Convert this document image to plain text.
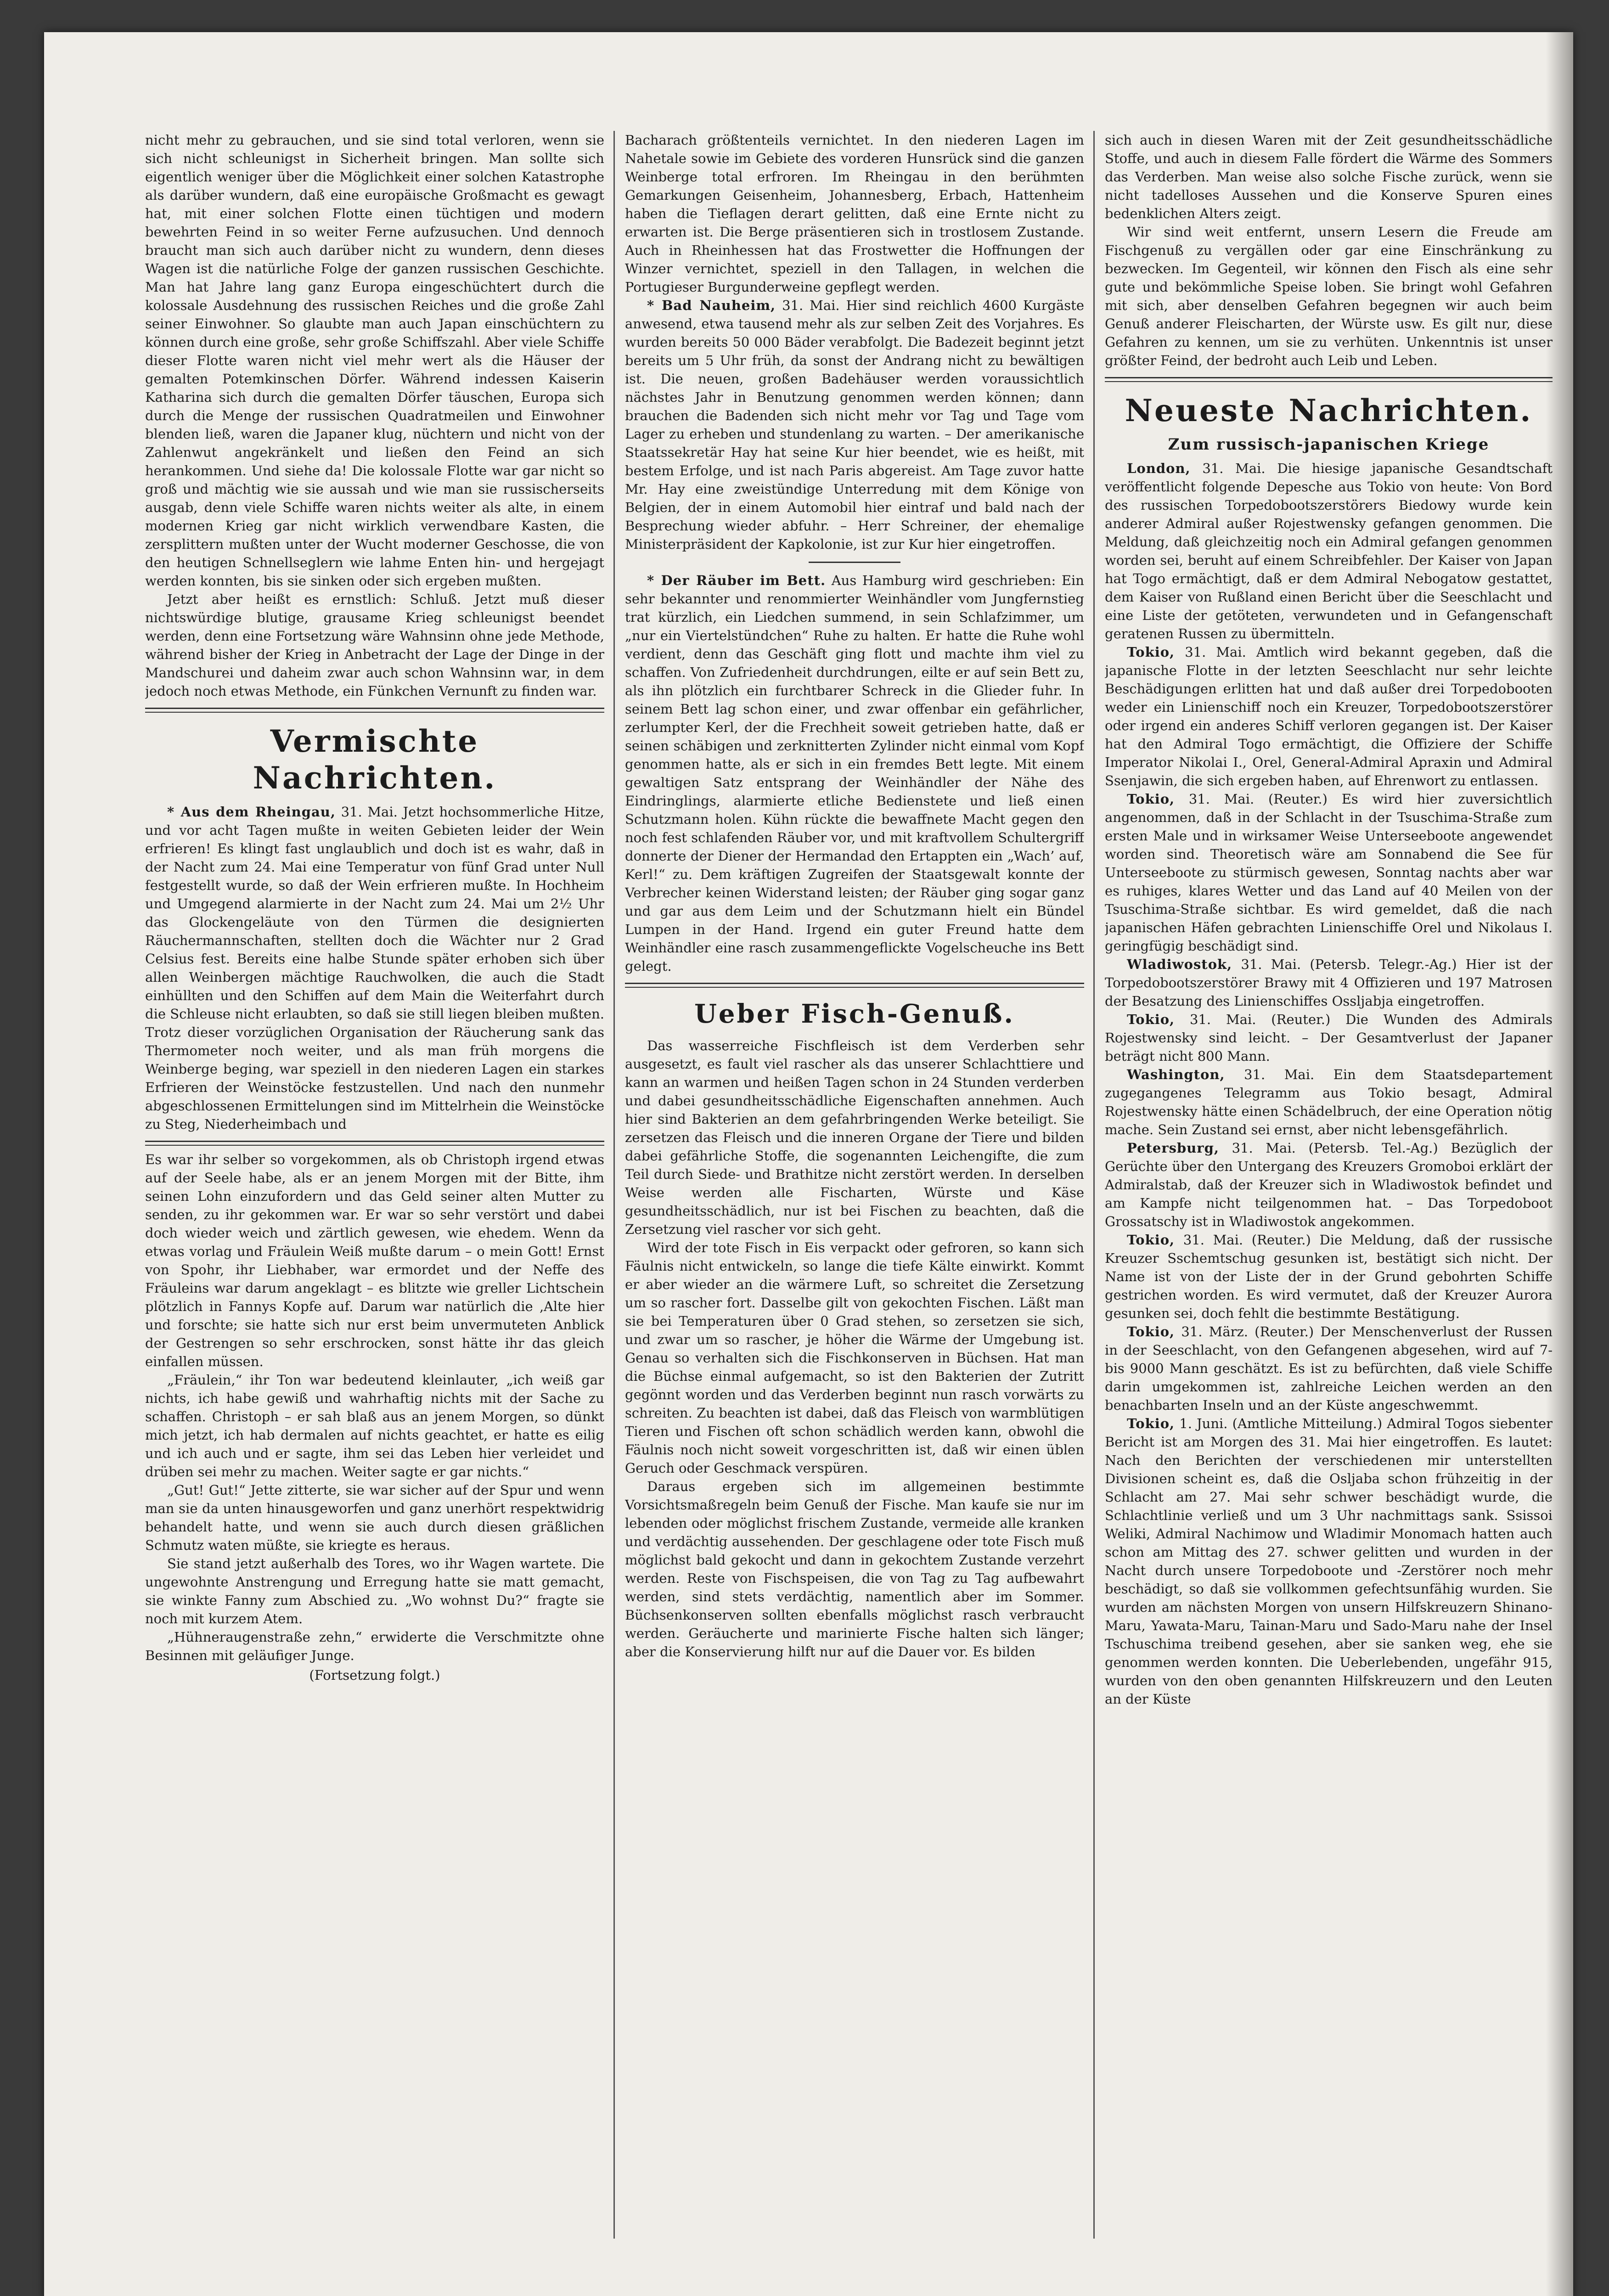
nicht mehr zu gebrauchen, und sie sind total verloren, wenn sie sich nicht schleunigst in Sicherheit bringen. Man sollte sich eigentlich weniger über die Möglichkeit einer solchen Katastrophe als darüber wundern, daß eine europäische Großmacht es gewagt hat, mit einer solchen Flotte einen tüchtigen und modern bewehrten Feind in so weiter Ferne aufzusuchen. Und dennoch braucht man sich auch darüber nicht zu wundern, denn dieses Wagen ist die natürliche Folge der ganzen russischen Geschichte. Man hat Jahre lang ganz Europa eingeschüchtert durch die kolossale Ausdehnung des russischen Reiches und die große Zahl seiner Einwohner. So glaubte man auch Japan einschüchtern zu können durch eine große, sehr große Schiffszahl. Aber viele Schiffe dieser Flotte waren nicht viel mehr wert als die Häuser der gemalten Potemkinschen Dörfer. Während indessen Kaiserin Katharina sich durch die gemalten Dörfer täuschen, Europa sich durch die Menge der russischen Quadratmeilen und Einwohner blenden ließ, waren die Japaner klug, nüchtern und nicht von der Zahlenwut angekränkelt und ließen den Feind an sich herankommen. Und siehe da! Die kolossale Flotte war gar nicht so groß und mächtig wie sie aussah und wie man sie russischerseits ausgab, denn viele Schiffe waren nichts weiter als alte, in einem modernen Krieg gar nicht wirklich verwendbare Kasten, die zersplittern mußten unter der Wucht moderner Geschosse, die von den heutigen Schnellseglern wie lahme Enten hin- und hergejagt werden konnten, bis sie sinken oder sich ergeben mußten.

Jetzt aber heißt es ernstlich: Schluß. Jetzt muß dieser nichtswürdige blutige, grausame Krieg schleunigst beendet werden, denn eine Fortsetzung wäre Wahnsinn ohne jede Methode, während bisher der Krieg in Anbetracht der Lage der Dinge in der Mandschurei und daheim zwar auch schon Wahnsinn war, in dem jedoch noch etwas Methode, ein Fünkchen Vernunft zu finden war.

Vermischte Nachrichten.

* Aus dem Rheingau, 31. Mai. Jetzt hochsommerliche Hitze, und vor acht Tagen mußte in weiten Gebieten leider der Wein erfrieren! Es klingt fast unglaublich und doch ist es wahr, daß in der Nacht zum 24. Mai eine Temperatur von fünf Grad unter Null festgestellt wurde, so daß der Wein erfrieren mußte. In Hochheim und Umgegend alarmierte in der Nacht zum 24. Mai um 2½ Uhr das Glockengeläute von den Türmen die designierten Räuchermannschaften, stellten doch die Wächter nur 2 Grad Celsius fest. Bereits eine halbe Stunde später erhoben sich über allen Weinbergen mächtige Rauchwolken, die auch die Stadt einhüllten und den Schiffen auf dem Main die Weiterfahrt durch die Schleuse nicht erlaubten, so daß sie still liegen bleiben mußten. Trotz dieser vorzüglichen Organisation der Räucherung sank das Thermometer noch weiter, und als man früh morgens die Weinberge beging, war speziell in den niederen Lagen ein starkes Erfrieren der Weinstöcke festzustellen. Und nach den nunmehr abgeschlossenen Ermittelungen sind im Mittelrhein die Weinstöcke zu Steg, Niederheimbach und

Es war ihr selber so vorgekommen, als ob Christoph irgend etwas auf der Seele habe, als er an jenem Morgen mit der Bitte, ihm seinen Lohn einzufordern und das Geld seiner alten Mutter zu senden, zu ihr gekommen war. Er war so sehr verstört und dabei doch wieder weich und zärtlich gewesen, wie ehedem. Wenn da etwas vorlag und Fräulein Weiß mußte darum – o mein Gott! Ernst von Spohr, ihr Liebhaber, war ermordet und der Neffe des Fräuleins war darum angeklagt – es blitzte wie greller Lichtschein plötzlich in Fannys Kopfe auf. Darum war natürlich die ‚Alte hier und forschte; sie hatte sich nur erst beim unvermuteten Anblick der Gestrengen so sehr erschrocken, sonst hätte ihr das gleich einfallen müssen.

„Fräulein,“ ihr Ton war bedeutend kleinlauter, „ich weiß gar nichts, ich habe gewiß und wahrhaftig nichts mit der Sache zu schaffen. Christoph – er sah blaß aus an jenem Morgen, so dünkt mich jetzt, ich hab dermalen auf nichts geachtet, er hatte es eilig und ich auch und er sagte, ihm sei das Leben hier verleidet und drüben sei mehr zu machen. Weiter sagte er gar nichts.“

„Gut! Gut!“ Jette zitterte, sie war sicher auf der Spur und wenn man sie da unten hinausgeworfen und ganz unerhört respektwidrig behandelt hatte, und wenn sie auch durch diesen gräßlichen Schmutz waten müßte, sie kriegte es heraus.

Sie stand jetzt außerhalb des Tores, wo ihr Wagen wartete. Die ungewohnte Anstrengung und Erregung hatte sie matt gemacht, sie winkte Fanny zum Abschied zu. „Wo wohnst Du?“ fragte sie noch mit kurzem Atem.

„Hühneraugenstraße zehn,“ erwiderte die Verschmitzte ohne Besinnen mit geläufiger Junge.

(Fortsetzung folgt.)

Bacharach größtenteils vernichtet. In den niederen Lagen im Nahetale sowie im Gebiete des vorderen Hunsrück sind die ganzen Weinberge total erfroren. Im Rheingau in den berühmten Gemarkungen Geisenheim, Johannesberg, Erbach, Hattenheim haben die Tieflagen derart gelitten, daß eine Ernte nicht zu erwarten ist. Die Berge präsentieren sich in trostlosem Zustande. Auch in Rheinhessen hat das Frostwetter die Hoffnungen der Winzer vernichtet, speziell in den Tallagen, in welchen die Portugieser Burgunderweine gepflegt werden.

* Bad Nauheim, 31. Mai. Hier sind reichlich 4600 Kurgäste anwesend, etwa tausend mehr als zur selben Zeit des Vorjahres. Es wurden bereits 50 000 Bäder verabfolgt. Die Badezeit beginnt jetzt bereits um 5 Uhr früh, da sonst der Andrang nicht zu bewältigen ist. Die neuen, großen Badehäuser werden voraussichtlich nächstes Jahr in Benutzung genommen werden können; dann brauchen die Badenden sich nicht mehr vor Tag und Tage vom Lager zu erheben und stundenlang zu warten. – Der amerikanische Staatssekretär Hay hat seine Kur hier beendet, wie es heißt, mit bestem Erfolge, und ist nach Paris abgereist. Am Tage zuvor hatte Mr. Hay eine zweistündige Unterredung mit dem Könige von Belgien, der in einem Automobil hier eintraf und bald nach der Besprechung wieder abfuhr. – Herr Schreiner, der ehemalige Ministerpräsident der Kapkolonie, ist zur Kur hier eingetroffen.

* Der Räuber im Bett. Aus Hamburg wird geschrieben: Ein sehr bekannter und renommierter Weinhändler vom Jungfernstieg trat kürzlich, ein Liedchen summend, in sein Schlafzimmer, um „nur ein Viertelstündchen“ Ruhe zu halten. Er hatte die Ruhe wohl verdient, denn das Geschäft ging flott und machte ihm viel zu schaffen. Von Zufriedenheit durchdrungen, eilte er auf sein Bett zu, als ihn plötzlich ein furchtbarer Schreck in die Glieder fuhr. In seinem Bett lag schon einer, und zwar offenbar ein gefährlicher, zerlumpter Kerl, der die Frechheit soweit getrieben hatte, daß er seinen schäbigen und zerknitterten Zylinder nicht einmal vom Kopf genommen hatte, als er sich in ein fremdes Bett legte. Mit einem gewaltigen Satz entsprang der Weinhändler der Nähe des Eindringlings, alarmierte etliche Bedienstete und ließ einen Schutzmann holen. Kühn rückte die bewaffnete Macht gegen den noch fest schlafenden Räuber vor, und mit kraftvollem Schultergriff donnerte der Diener der Hermandad den Ertappten ein „Wach’ auf, Kerl!“ zu. Dem kräftigen Zugreifen der Staatsgewalt konnte der Verbrecher keinen Widerstand leisten; der Räuber ging sogar ganz und gar aus dem Leim und der Schutzmann hielt ein Bündel Lumpen in der Hand. Irgend ein guter Freund hatte dem Weinhändler eine rasch zusammengeflickte Vogelscheuche ins Bett gelegt.

Ueber Fisch-Genuß.

Das wasserreiche Fischfleisch ist dem Verderben sehr ausgesetzt, es fault viel rascher als das unserer Schlachttiere und kann an warmen und heißen Tagen schon in 24 Stunden verderben und dabei gesundheitsschädliche Eigenschaften annehmen. Auch hier sind Bakterien an dem gefahrbringenden Werke beteiligt. Sie zersetzen das Fleisch und die inneren Organe der Tiere und bilden dabei gefährliche Stoffe, die sogenannten Leichengifte, die zum Teil durch Siede- und Brathitze nicht zerstört werden. In derselben Weise werden alle Fischarten, Würste und Käse gesundheitsschädlich, nur ist bei Fischen zu beachten, daß die Zersetzung viel rascher vor sich geht.

Wird der tote Fisch in Eis verpackt oder gefroren, so kann sich Fäulnis nicht entwickeln, so lange die tiefe Kälte einwirkt. Kommt er aber wieder an die wärmere Luft, so schreitet die Zersetzung um so rascher fort. Dasselbe gilt von gekochten Fischen. Läßt man sie bei Temperaturen über 0 Grad stehen, so zersetzen sie sich, und zwar um so rascher, je höher die Wärme der Umgebung ist. Genau so verhalten sich die Fischkonserven in Büchsen. Hat man die Büchse einmal aufgemacht, so ist den Bakterien der Zutritt gegönnt worden und das Verderben beginnt nun rasch vorwärts zu schreiten. Zu beachten ist dabei, daß das Fleisch von warmblütigen Tieren und Fischen oft schon schädlich werden kann, obwohl die Fäulnis noch nicht soweit vorgeschritten ist, daß wir einen üblen Geruch oder Geschmack verspüren.

Daraus ergeben sich im allgemeinen bestimmte Vorsichtsmaßregeln beim Genuß der Fische. Man kaufe sie nur im lebenden oder möglichst frischem Zustande, vermeide alle kranken und verdächtig aussehenden. Der geschlagene oder tote Fisch muß möglichst bald gekocht und dann in gekochtem Zustande verzehrt werden. Reste von Fischspeisen, die von Tag zu Tag aufbewahrt werden, sind stets verdächtig, namentlich aber im Sommer. Büchsenkonserven sollten ebenfalls möglichst rasch verbraucht werden. Geräucherte und marinierte Fische halten sich länger; aber die Konservierung hilft nur auf die Dauer vor. Es bilden

sich auch in diesen Waren mit der Zeit gesundheitsschädliche Stoffe, und auch in diesem Falle fördert die Wärme des Sommers das Verderben. Man weise also solche Fische zurück, wenn sie nicht tadelloses Aussehen und die Konserve Spuren eines bedenklichen Alters zeigt.

Wir sind weit entfernt, unsern Lesern die Freude am Fischgenuß zu vergällen oder gar eine Einschränkung zu bezwecken. Im Gegenteil, wir können den Fisch als eine sehr gute und bekömmliche Speise loben. Sie bringt wohl Gefahren mit sich, aber denselben Gefahren begegnen wir auch beim Genuß anderer Fleischarten, der Würste usw. Es gilt nur, diese Gefahren zu kennen, um sie zu verhüten. Unkenntnis ist unser größter Feind, der bedroht auch Leib und Leben.

Neueste Nachrichten.
Zum russisch-japanischen Kriege

London, 31. Mai. Die hiesige japanische Gesandtschaft veröffentlicht folgende Depesche aus Tokio von heute: Von Bord des russischen Torpedobootszerstörers Biedowy wurde kein anderer Admiral außer Rojestwensky gefangen genommen. Die Meldung, daß gleichzeitig noch ein Admiral gefangen genommen worden sei, beruht auf einem Schreibfehler. Der Kaiser von Japan hat Togo ermächtigt, daß er dem Admiral Nebogatow gestattet, dem Kaiser von Rußland einen Bericht über die Seeschlacht und eine Liste der getöteten, verwundeten und in Gefangenschaft geratenen Russen zu übermitteln.

Tokio, 31. Mai. Amtlich wird bekannt gegeben, daß die japanische Flotte in der letzten Seeschlacht nur sehr leichte Beschädigungen erlitten hat und daß außer drei Torpedobooten weder ein Linienschiff noch ein Kreuzer, Torpedobootszerstörer oder irgend ein anderes Schiff verloren gegangen ist. Der Kaiser hat den Admiral Togo ermächtigt, die Offiziere der Schiffe Imperator Nikolai I., Orel, General-Admiral Apraxin und Admiral Ssenjawin, die sich ergeben haben, auf Ehrenwort zu entlassen.

Tokio, 31. Mai. (Reuter.) Es wird hier zuversichtlich angenommen, daß in der Schlacht in der Tsuschima-Straße zum ersten Male und in wirksamer Weise Unterseeboote angewendet worden sind. Theoretisch wäre am Sonnabend die See für Unterseeboote zu stürmisch gewesen, Sonntag nachts aber war es ruhiges, klares Wetter und das Land auf 40 Meilen von der Tsuschima-Straße sichtbar. Es wird gemeldet, daß die nach japanischen Häfen gebrachten Linienschiffe Orel und Nikolaus I. geringfügig beschädigt sind.

Wladiwostok, 31. Mai. (Petersb. Telegr.-Ag.) Hier ist der Torpedobootszerstörer Brawy mit 4 Offizieren und 197 Matrosen der Besatzung des Linienschiffes Ossljabja eingetroffen.

Tokio, 31. Mai. (Reuter.) Die Wunden des Admirals Rojestwensky sind leicht. – Der Gesamtverlust der Japaner beträgt nicht 800 Mann.

Washington, 31. Mai. Ein dem Staatsdepartement zugegangenes Telegramm aus Tokio besagt, Admiral Rojestwensky hätte einen Schädelbruch, der eine Operation nötig mache. Sein Zustand sei ernst, aber nicht lebensgefährlich.

Petersburg, 31. Mai. (Petersb. Tel.-Ag.) Bezüglich der Gerüchte über den Untergang des Kreuzers Gromoboi erklärt der Admiralstab, daß der Kreuzer sich in Wladiwostok befindet und am Kampfe nicht teilgenommen hat. – Das Torpedoboot Grossatschy ist in Wladiwostok angekommen.

Tokio, 31. Mai. (Reuter.) Die Meldung, daß der russische Kreuzer Sschemtschug gesunken ist, bestätigt sich nicht. Der Name ist von der Liste der in der Grund gebohrten Schiffe gestrichen worden. Es wird vermutet, daß der Kreuzer Aurora gesunken sei, doch fehlt die bestimmte Bestätigung.

Tokio, 31. März. (Reuter.) Der Menschenverlust der Russen in der Seeschlacht, von den Gefangenen abgesehen, wird auf 7- bis 9000 Mann geschätzt. Es ist zu befürchten, daß viele Schiffe darin umgekommen ist, zahlreiche Leichen werden an den benachbarten Inseln und an der Küste angeschwemmt.

Tokio, 1. Juni. (Amtliche Mitteilung.) Admiral Togos siebenter Bericht ist am Morgen des 31. Mai hier eingetroffen. Es lautet: Nach den Berichten der verschiedenen mir unterstellten Divisionen scheint es, daß die Osljaba schon frühzeitig in der Schlacht am 27. Mai sehr schwer beschädigt wurde, die Schlachtlinie verließ und um 3 Uhr nachmittags sank. Ssissoi Weliki, Admiral Nachimow und Wladimir Monomach hatten auch schon am Mittag des 27. schwer gelitten und wurden in der Nacht durch unsere Torpedoboote und -Zerstörer noch mehr beschädigt, so daß sie vollkommen gefechtsunfähig wurden. Sie wurden am nächsten Morgen von unsern Hilfskreuzern Shinano-Maru, Yawata-Maru, Tainan-Maru und Sado-Maru nahe der Insel Tschuschima treibend gesehen, aber sie sanken weg, ehe sie genommen werden konnten. Die Ueberlebenden, ungefähr 915, wurden von den oben genannten Hilfskreuzern und den Leuten an der Küste
